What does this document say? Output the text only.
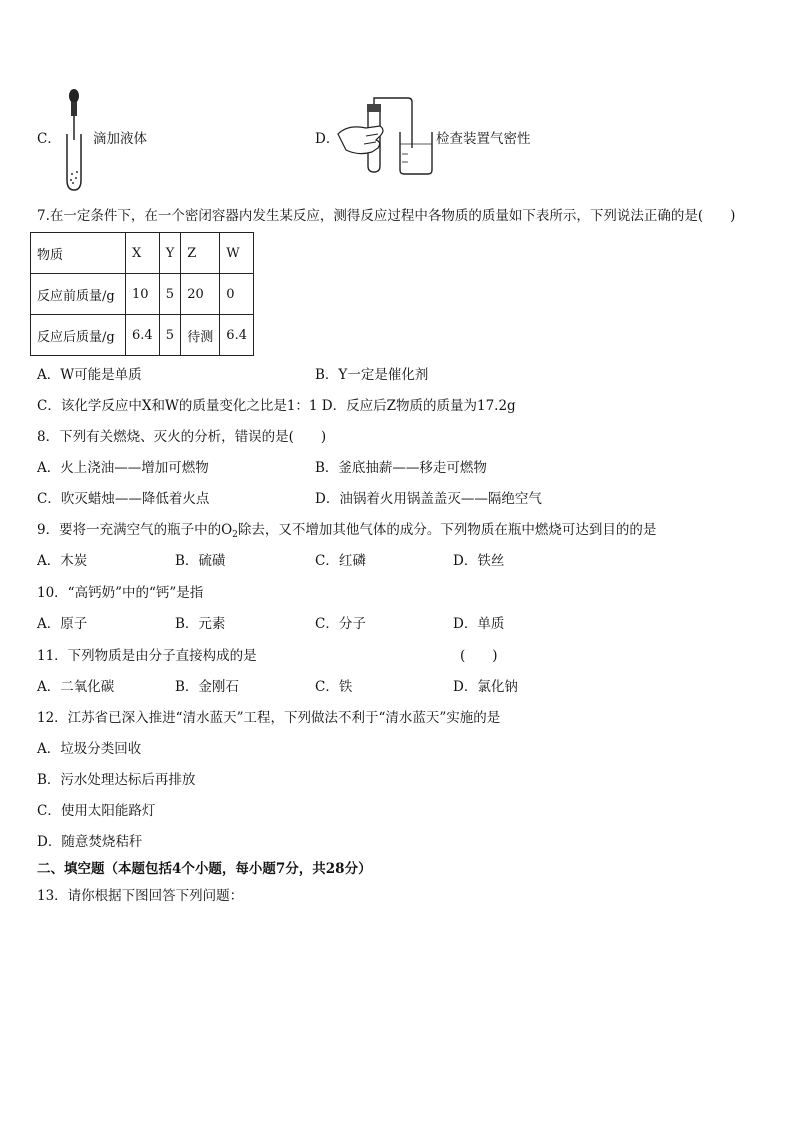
C． 滴加液体	D．	检查装置气密性
7.在一定条件下，在一个密闭容器内发生某反应，测得反应过程中各物质的质量如下表所示，下列说法正确的是(　　)
物质	X	Y	Z	W
反应前质量/g	10	5	20	0
反应后质量/g	6.4	5	待测	6.4
A．W可能是单质	B．Y一定是催化剂
C．该化学反应中X和W的质量变化之比是1：1 D．反应后Z物质的质量为17.2g
8．下列有关燃烧、灭火的分析，错误的是(　　)
A．火上浇油——增加可燃物	B．釜底抽薪——移走可燃物
C．吹灭蜡烛——降低着火点	D．油锅着火用锅盖盖灭——隔绝空气
9．要将一充满空气的瓶子中的$O_2$除去，又不增加其他气体的成分。下列物质在瓶中燃烧可达到目的的是
A．木炭	B．硫磺	C．红磷	D．铁丝
10．“高钙奶”中的“钙”是指
A．原子	B．元素	C．分子	D．单质
11．下列物质是由分子直接构成的是	(　　)
A．二氧化碳	B．金刚石	C．铁	D．氯化钠
12．江苏省已深入推进“清水蓝天”工程，下列做法不利于“清水蓝天”实施的是
A．垃圾分类回收
B．污水处理达标后再排放
C．使用太阳能路灯
D．随意焚烧秸秆
二、填空题（本题包括4个小题，每小题7分，共28分）
13．请你根据下图回答下列问题：
